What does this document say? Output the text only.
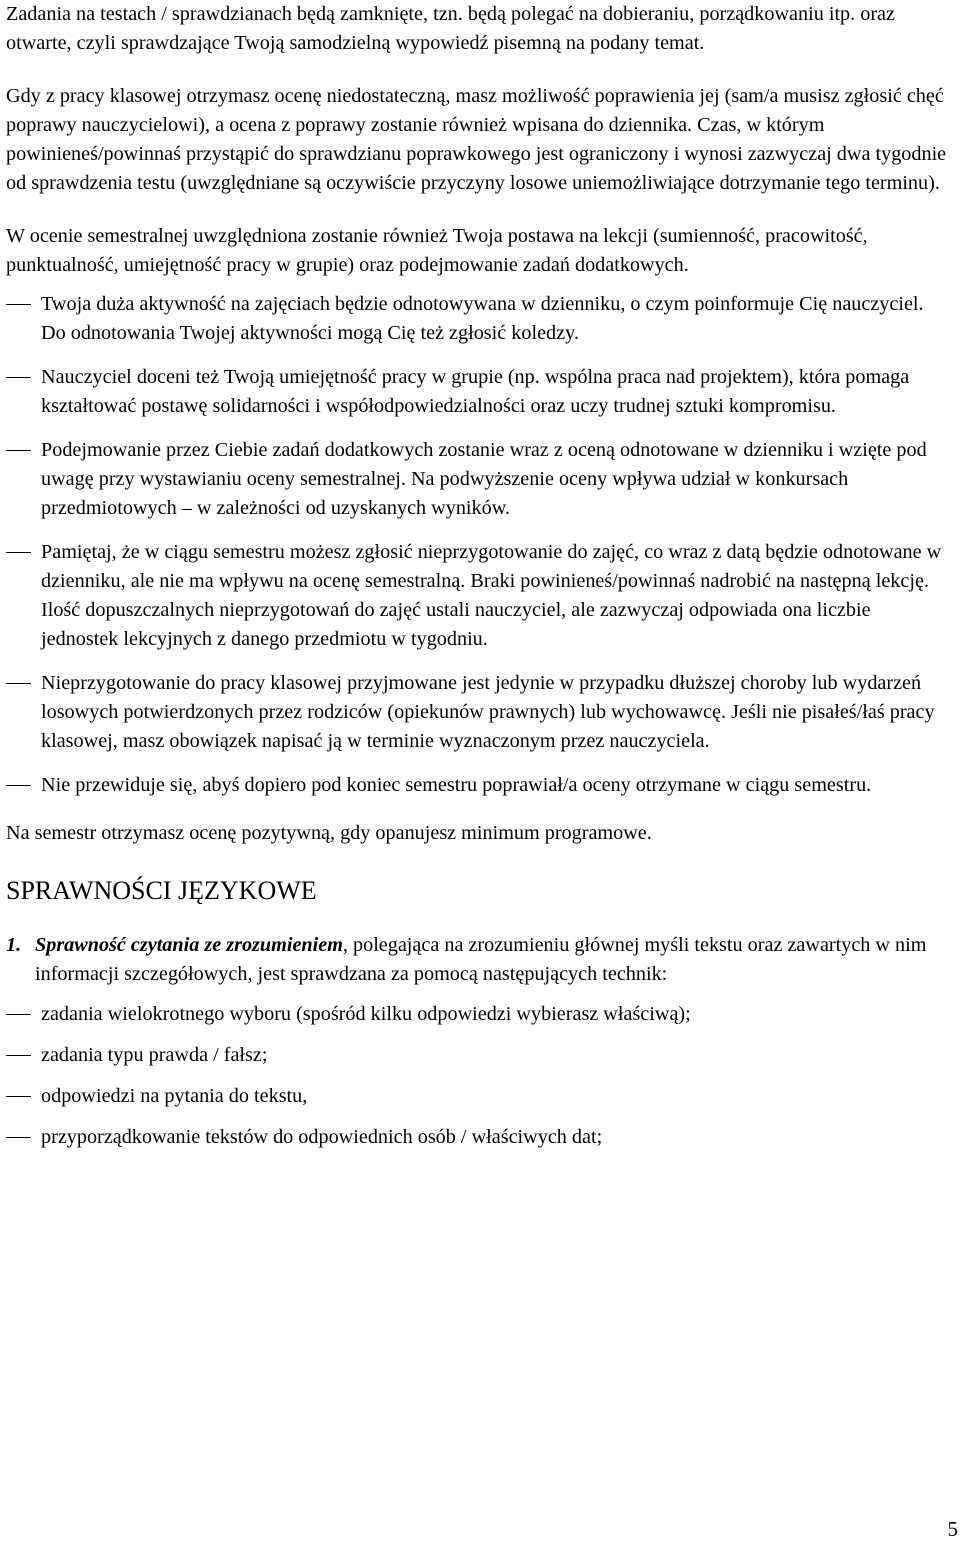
Zadania na testach / sprawdzianach będą zamknięte, tzn. będą polegać na dobieraniu, porządkowaniu itp. oraz otwarte, czyli sprawdzające Twoją samodzielną wypowiedź pisemną na podany temat.

Gdy z pracy klasowej otrzymasz ocenę niedostateczną, masz możliwość poprawienia jej (sam/a musisz zgłosić chęć poprawy nauczycielowi), a ocena z poprawy zostanie również wpisana do dziennika. Czas, w którym powinieneś/powinnaś przystąpić do sprawdzianu poprawkowego jest ograniczony i wynosi zazwyczaj dwa tygodnie od sprawdzenia testu (uwzględniane są oczywiście przyczyny losowe uniemożliwiające dotrzymanie tego terminu).

W ocenie semestralnej uwzględniona zostanie również Twoja postawa na lekcji (sumienność, pracowitość, punktualność, umiejętność pracy w grupie) oraz podejmowanie zadań dodatkowych.

Twoja duża aktywność na zajęciach będzie odnotowywana w dzienniku, o czym poinformuje Cię nauczyciel. Do odnotowania Twojej aktywności mogą Cię też zgłosić koledzy.
Nauczyciel doceni też Twoją umiejętność pracy w grupie (np. wspólna praca nad projektem), która pomaga kształtować postawę solidarności i współodpowiedzialności oraz uczy trudnej sztuki kompromisu.
Podejmowanie przez Ciebie zadań dodatkowych zostanie wraz z oceną odnotowane w dzienniku i wzięte pod uwagę przy wystawianiu oceny semestralnej. Na podwyższenie oceny wpływa udział w konkursach przedmiotowych – w zależności od uzyskanych wyników.
Pamiętaj, że w ciągu semestru możesz zgłosić nieprzygotowanie do zajęć, co wraz z datą będzie odnotowane w dzienniku, ale nie ma wpływu na ocenę semestralną. Braki powinieneś/powinnaś nadrobić na następną lekcję. Ilość dopuszczalnych nieprzygotowań do zajęć ustali nauczyciel, ale zazwyczaj odpowiada ona liczbie jednostek lekcyjnych z danego przedmiotu w tygodniu.
Nieprzygotowanie do pracy klasowej przyjmowane jest jedynie w przypadku dłuższej choroby lub wydarzeń losowych potwierdzonych przez rodziców (opiekunów prawnych) lub wychowawcę. Jeśli nie pisałeś/łaś pracy klasowej, masz obowiązek napisać ją w terminie wyznaczonym przez nauczyciela.
Nie przewiduje się, abyś dopiero pod koniec semestru poprawiał/a oceny otrzymane w ciągu semestru.

Na semestr otrzymasz ocenę pozytywną, gdy opanujesz minimum programowe.

SPRAWNOŚCI JĘZYKOWE

1. Sprawność czytania ze zrozumieniem, polegająca na zrozumieniu głównej myśli tekstu oraz zawartych w nim informacji szczegółowych, jest sprawdzana za pomocą następujących technik:

zadania wielokrotnego wyboru (spośród kilku odpowiedzi wybierasz właściwą);
zadania typu prawda / fałsz;
odpowiedzi na pytania do tekstu,
przyporządkowanie tekstów do odpowiednich osób / właściwych dat;
5
